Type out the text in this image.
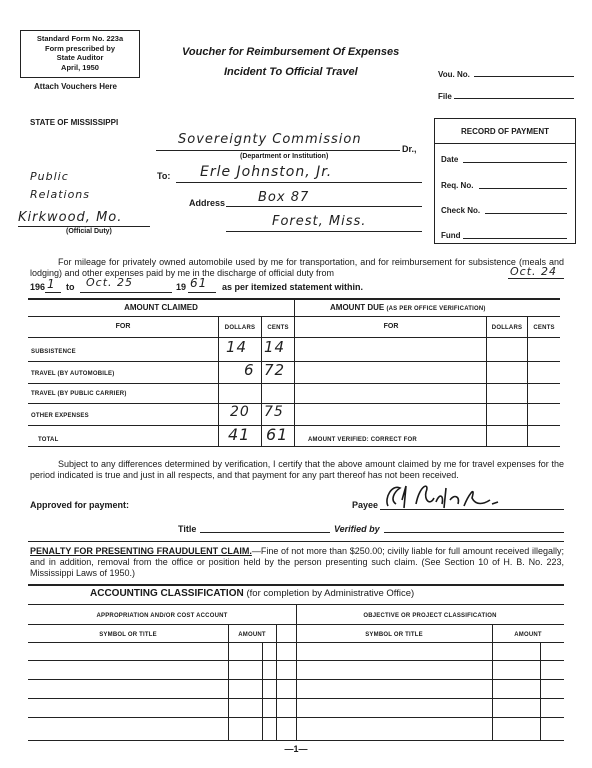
Standard Form No. 223a
Form prescribed by
State Auditor
April, 1950
Attach Vouchers Here
Voucher for Reimbursement Of Expenses
Incident To Official Travel	Vou. No.
File
STATE OF MISSISSIPPI
Sovereignty Commission
Dr.,
(Department or Institution)
To: Erle Johnston, Jr.
Address	Box 87
Forest, Miss.
Public Relations
Kirkwood, Mo.
(Official Duty)
RECORD OF PAYMENT
Date
Req. No.
Check No.
Fund

For mileage for privately owned automobile used by me for transportation, and for reimbursement for subsistence (meals and lodging) and other expenses paid by me in the discharge of official duty from	Oct. 24
196 1 to Oct. 25	19 61 as per itemized statement within.
AMOUNT CLAIMED	AMOUNT DUE (AS PER OFFICE VERIFICATION)
FOR	DOLLARS	CENTS	FOR	DOLLARS	CENTS
SUBSISTENCE	14 14
TRAVEL (BY AUTOMOBILE)	6 72
TRAVEL (BY PUBLIC CARRIER)
OTHER EXPENSES	20 75
TOTAL	41 61	AMOUNT VERIFIED: CORRECT FOR

Subject to any differences determined by verification, I certify that the above amount claimed by me for travel expenses for the period indicated is true and just in all respects, and that payment for any part thereof has not been received.

Approved for payment:	Payee
Title	Verified by

PENALTY FOR PRESENTING FRAUDULENT CLAIM.—Fine of not more than $250.00; civilly liable for full amount received illegally; and in addition, removal from the office or position held by the person presenting such claim. (See Section 10 of H. B. No. 223, Mississippi Laws of 1950.)

ACCOUNTING CLASSIFICATION (for completion by Administrative Office)
APPROPRIATION AND/OR COST ACCOUNT	OBJECTIVE OR PROJECT CLASSIFICATION
SYMBOL OR TITLE	AMOUNT	SYMBOL OR TITLE	AMOUNT
—1—
